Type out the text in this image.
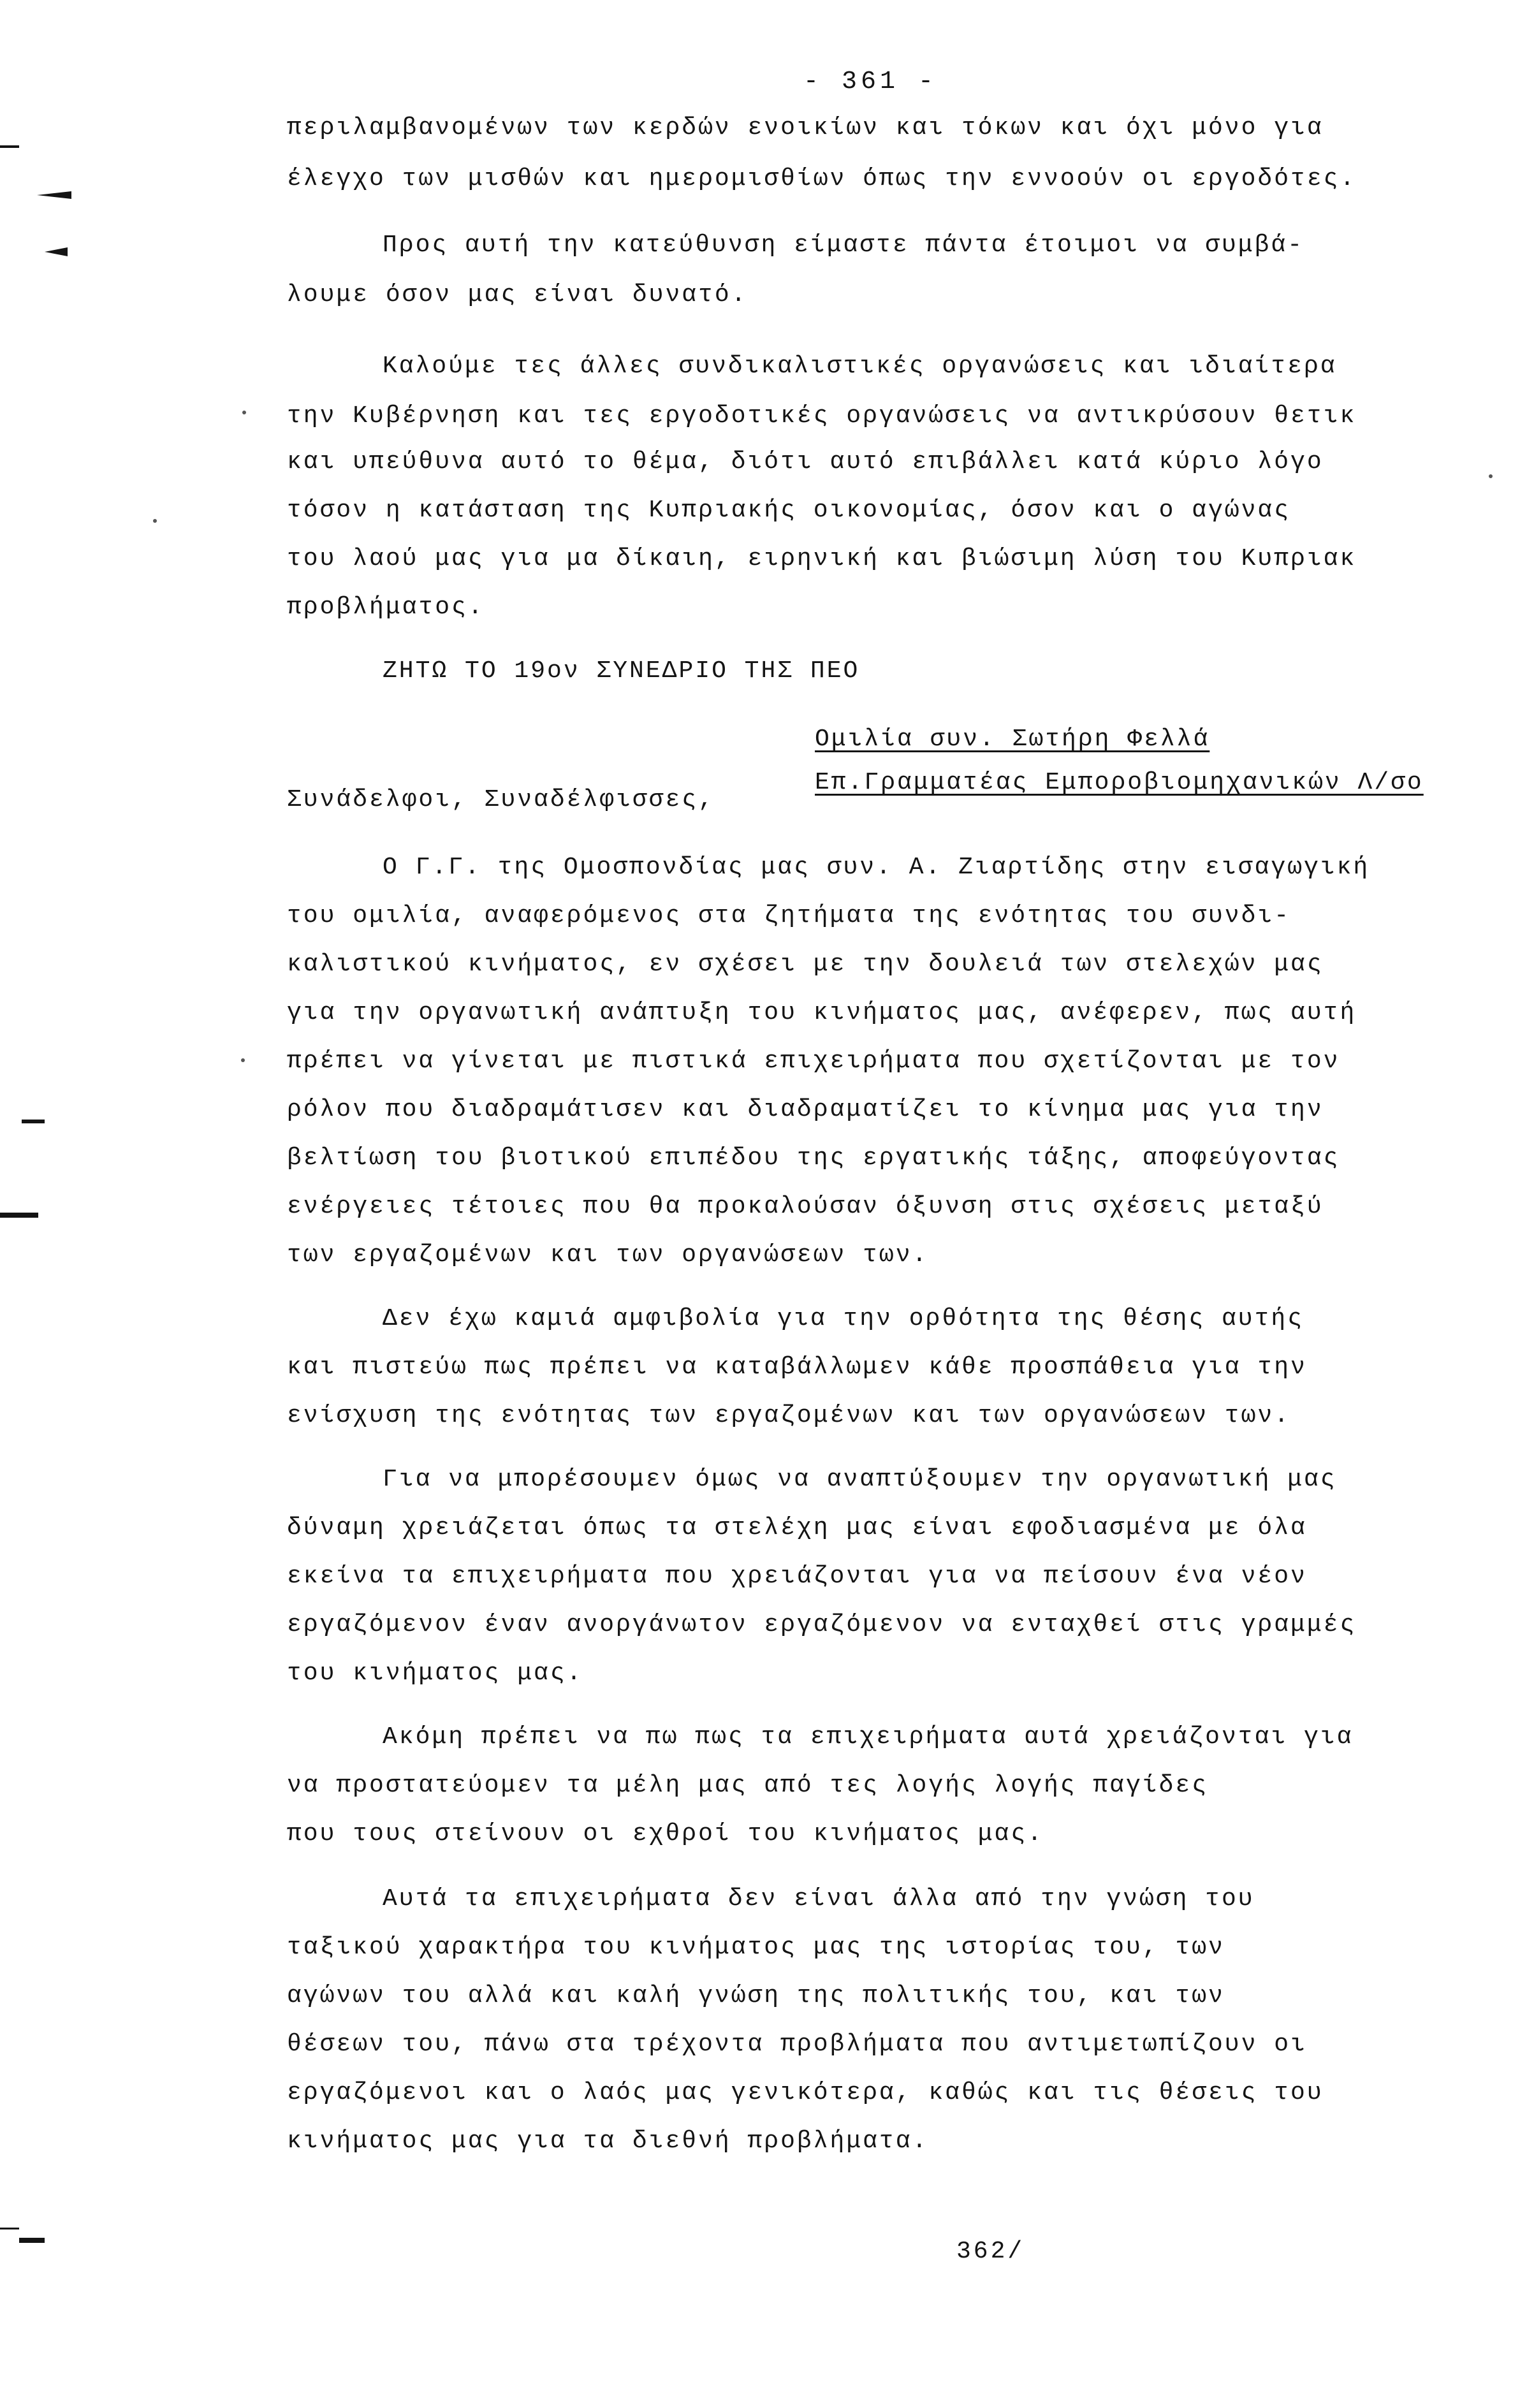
- 361 -
περιλαμβανομένων των κερδών ενοικίων και τόκων και όχι μόνο για
έλεγχο των μισθών και ημερομισθίων όπως την εννοούν οι εργοδότες.
Προς αυτή την κατεύθυνση είμαστε πάντα έτοιμοι να συμβά-
λουμε όσον μας είναι δυνατό.
Καλούμε τες άλλες συνδικαλιστικές οργανώσεις και ιδιαίτερα
την Κυβέρνηση και τες εργοδοτικές οργανώσεις να αντικρύσουν θετικ
και υπεύθυνα αυτό το θέμα, διότι αυτό επιβάλλει κατά κύριο λόγο
τόσον η κατάσταση της Κυπριακής οικονομίας, όσον και ο αγώνας
του λαού μας για μα δίκαιη, ειρηνική και βιώσιμη λύση του Κυπριακ
προβλήματος.
ΖΗΤΩ ΤΟ 19ον ΣΥΝΕΔΡΙΟ ΤΗΣ ΠΕΟ
Ομιλία συν. Σωτήρη Φελλά
Επ.Γραμματέας Εμποροβιομηχανικών Λ/σο
Συνάδελφοι, Συναδέλφισσες,
Ο Γ.Γ. της Ομοσπονδίας μας συν. Α. Ζιαρτίδης στην εισαγωγική
του ομιλία, αναφερόμενος στα ζητήματα της ενότητας του συνδι-
καλιστικού κινήματος, εν σχέσει με την δουλειά των στελεχών μας
για την οργανωτική ανάπτυξη του κινήματος μας, ανέφερεν, πως αυτή
πρέπει να γίνεται με πιστικά επιχειρήματα που σχετίζονται με τον
ρόλον που διαδραμάτισεν και διαδραματίζει το κίνημα μας για την
βελτίωση του βιοτικού επιπέδου της εργατικής τάξης, αποφεύγοντας
ενέργειες τέτοιες που θα προκαλούσαν όξυνση στις σχέσεις μεταξύ
των εργαζομένων και των οργανώσεων των.
Δεν έχω καμιά αμφιβολία για την ορθότητα της θέσης αυτής
και πιστεύω πως πρέπει να καταβάλλωμεν κάθε προσπάθεια για την
ενίσχυση της ενότητας των εργαζομένων και των οργανώσεων των.
Για να μπορέσουμεν όμως να αναπτύξουμεν την οργανωτική μας
δύναμη χρειάζεται όπως τα στελέχη μας είναι εφοδιασμένα με όλα
εκείνα τα επιχειρήματα που χρειάζονται για να πείσουν ένα νέον
εργαζόμενον έναν ανοργάνωτον εργαζόμενον να ενταχθεί στις γραμμές
του κινήματος μας.
Ακόμη πρέπει να πω πως τα επιχειρήματα αυτά χρειάζονται για
να προστατεύομεν τα μέλη μας από τες λογής λογής παγίδες
που τους στείνουν οι εχθροί του κινήματος μας.
Αυτά τα επιχειρήματα δεν είναι άλλα από την γνώση του
ταξικού χαρακτήρα του κινήματος μας της ιστορίας του, των
αγώνων του αλλά και καλή γνώση της πολιτικής του, και των
θέσεων του, πάνω στα τρέχοντα προβλήματα που αντιμετωπίζουν οι
εργαζόμενοι και ο λαός μας γενικότερα, καθώς και τις θέσεις του
κινήματος μας για τα διεθνή προβλήματα.
362/
